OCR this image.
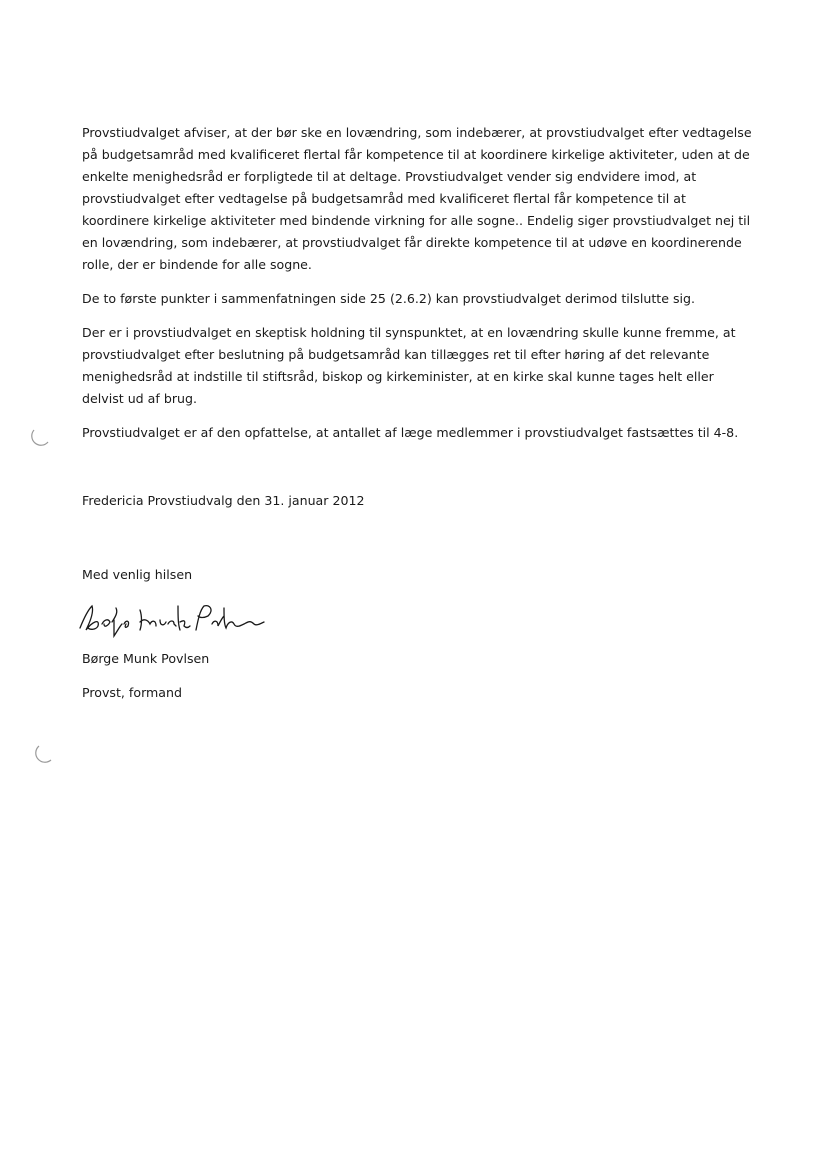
Provstiudvalget afviser, at der bør ske en lovændring, som indebærer, at provstiudvalget efter vedtagelse på budgetsamråd med kvalificeret flertal får kompetence til at koordinere kirkelige aktiviteter, uden at de enkelte menighedsråd er forpligtede til at deltage. Provstiudvalget vender sig endvidere imod, at provstiudvalget efter vedtagelse på budgetsamråd med kvalificeret flertal får kompetence til at koordinere kirkelige aktiviteter med bindende virkning for alle sogne.. Endelig siger provstiudvalget nej til en lovændring, som indebærer, at provstiudvalget får direkte kompetence til at udøve en koordinerende rolle, der er bindende for alle sogne.

De to første punkter i sammenfatningen side 25 (2.6.2) kan provstiudvalget derimod tilslutte sig.

Der er i provstiudvalget en skeptisk holdning til synspunktet, at en lovændring skulle kunne fremme, at provstiudvalget efter beslutning på budgetsamråd kan tillægges ret til efter høring af det relevante menighedsråd at indstille til stiftsråd, biskop og kirkeminister, at en kirke skal kunne tages helt eller delvist ud af brug.

Provstiudvalget er af den opfattelse, at antallet af læge medlemmer i provstiudvalget fastsættes til 4-8.

Fredericia Provstiudvalg den 31. januar 2012

Med venlig hilsen

Børge Munk Povlsen

Provst, formand
